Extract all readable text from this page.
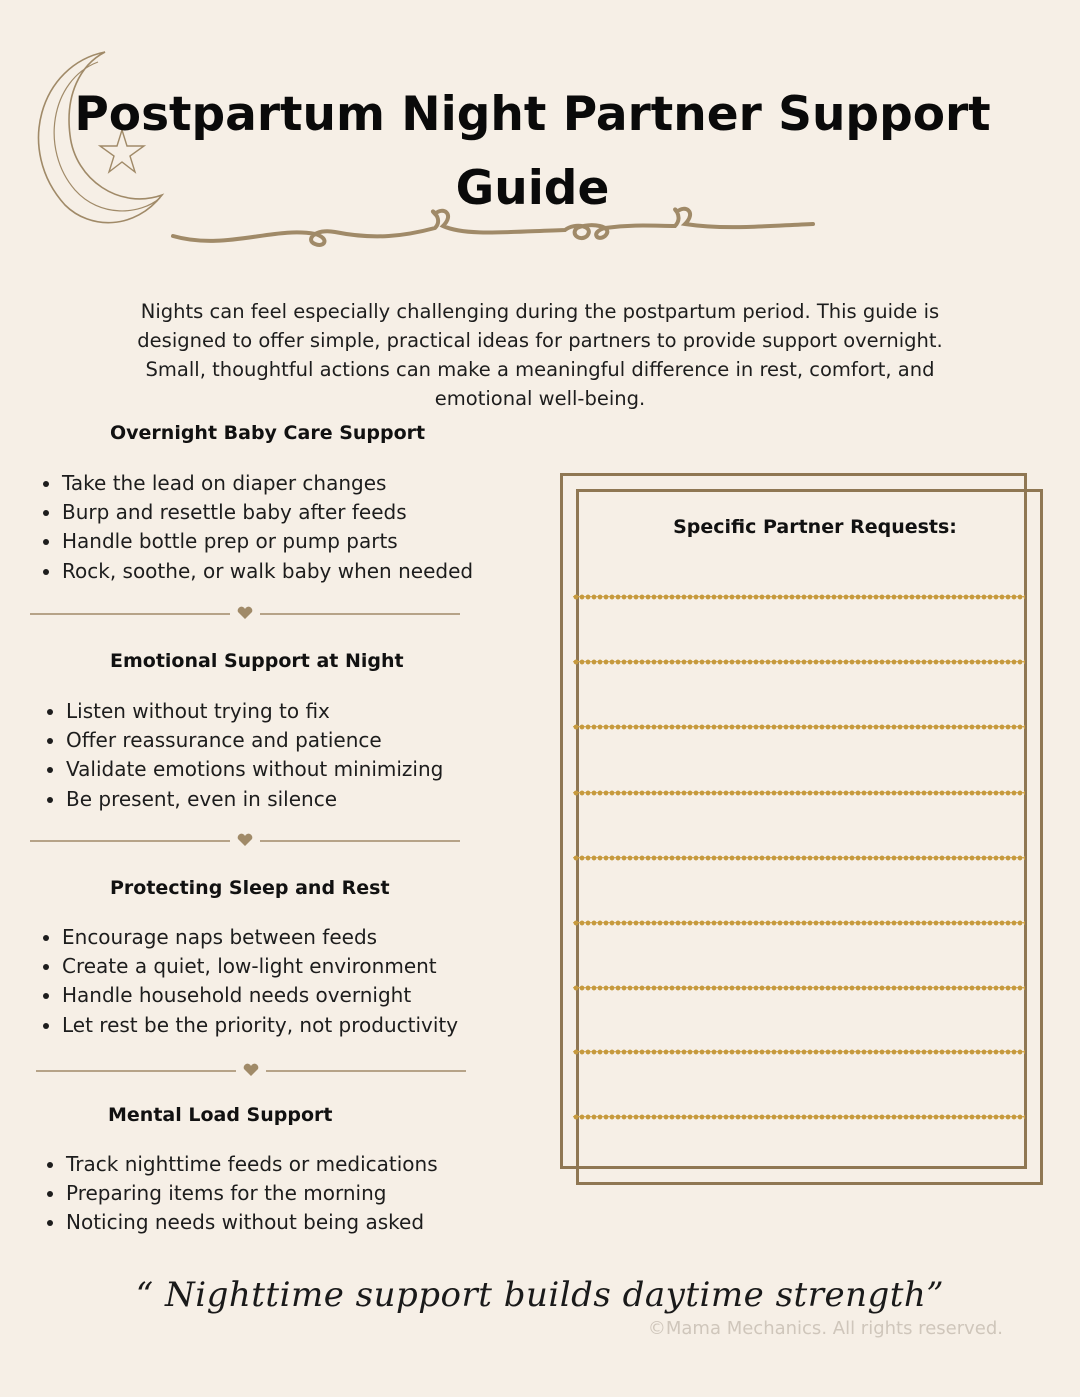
Postpartum Night Partner Support Guide

Nights can feel especially challenging during the postpartum period. This guide is designed to offer simple, practical ideas for partners to provide support overnight. Small, thoughtful actions can make a meaningful difference in rest, comfort, and emotional well-being.

Overnight Baby Care Support
• Take the lead on diaper changes
• Burp and resettle baby after feeds
• Handle bottle prep or pump parts
• Rock, soothe, or walk baby when needed
Emotional Support at Night
• Listen without trying to fix
• Offer reassurance and patience
• Validate emotions without minimizing
• Be present, even in silence
Protecting Sleep and Rest
• Encourage naps between feeds
• Create a quiet, low-light environment
• Handle household needs overnight
• Let rest be the priority, not productivity
Mental Load Support
• Track nighttime feeds or medications
• Preparing items for the morning
• Noticing needs without being asked
Specific Partner Requests:

“ Nighttime support builds daytime strength”

©Mama Mechanics. All rights reserved.
